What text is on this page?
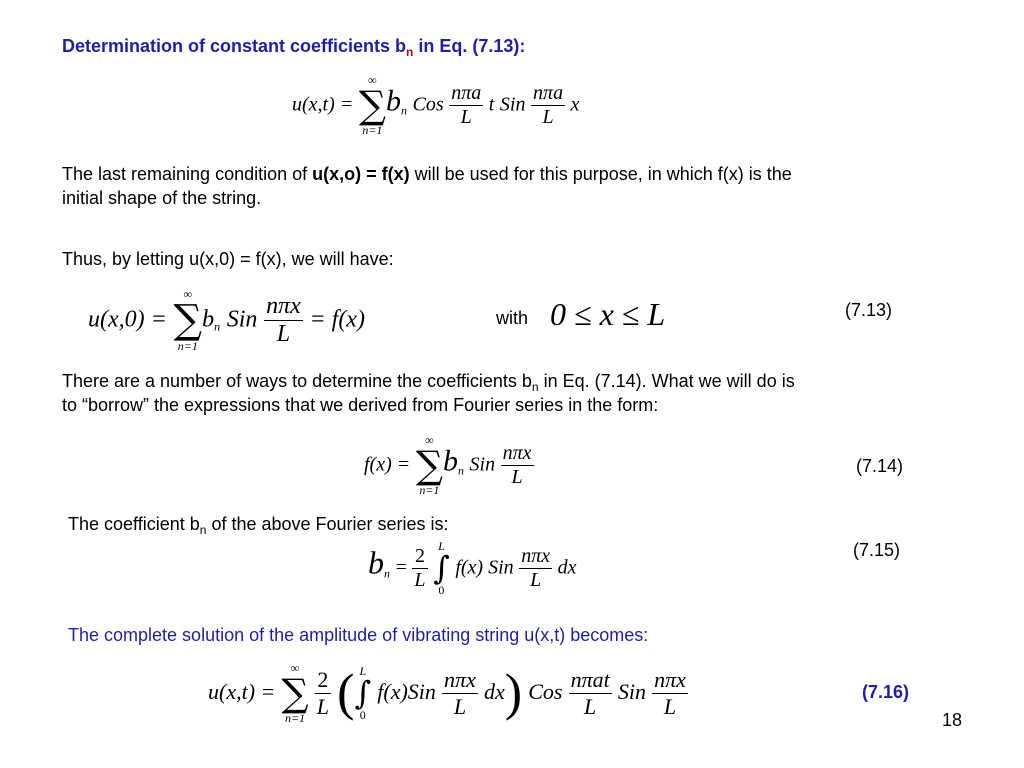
Determination of constant coefficients $b_n$ in Eq. (7.13):
u(x,t) =
∞
∑
n=1
$b_n$ Cos $\frac{\text{nπa}}{L}$ t Sin $\frac{\text{nπa}}{L}$ x
The last remaining condition of u(x,o) = f(x) will be used for this purpose, in which f(x) is the
initial shape of the string.
Thus, by letting u(x,0) = f(x), we will have:
u(x,0) =
∞
∑
n=1
$b_n$ Sin $\frac{\text{nπx}}{L} = f(x)$	with 0 ≤ x ≤ L	(7.13)
There are a number of ways to determine the coefficients $b_n$ in Eq. (7.14). What we will do is
to “borrow” the expressions that we derived from Fourier series in the form:
f(x) =
∞
∑
n=1
$b_n$ Sin $\frac{\text{nπx}}{L}$	(7.14)
The coefficient $b_n$ of the above Fourier series is:
(7.15)
$b_n = \frac{2}{L}$
L
∫
0
f(x) Sin $\frac{\text{nπx}}{L}$ dx
The complete solution of the amplitude of vibrating string u(x,t) becomes:
u(x,t) =
∞
∑
n=1
$\frac{2}{L}$ ( L
∫
0
$f(x)Sin \frac{\text{nπx}}{L} dx$) Cos $\frac{\text{nπat}}{L}$ Sin $\frac{\text{nπx}}{L}$	(7.16)
18
